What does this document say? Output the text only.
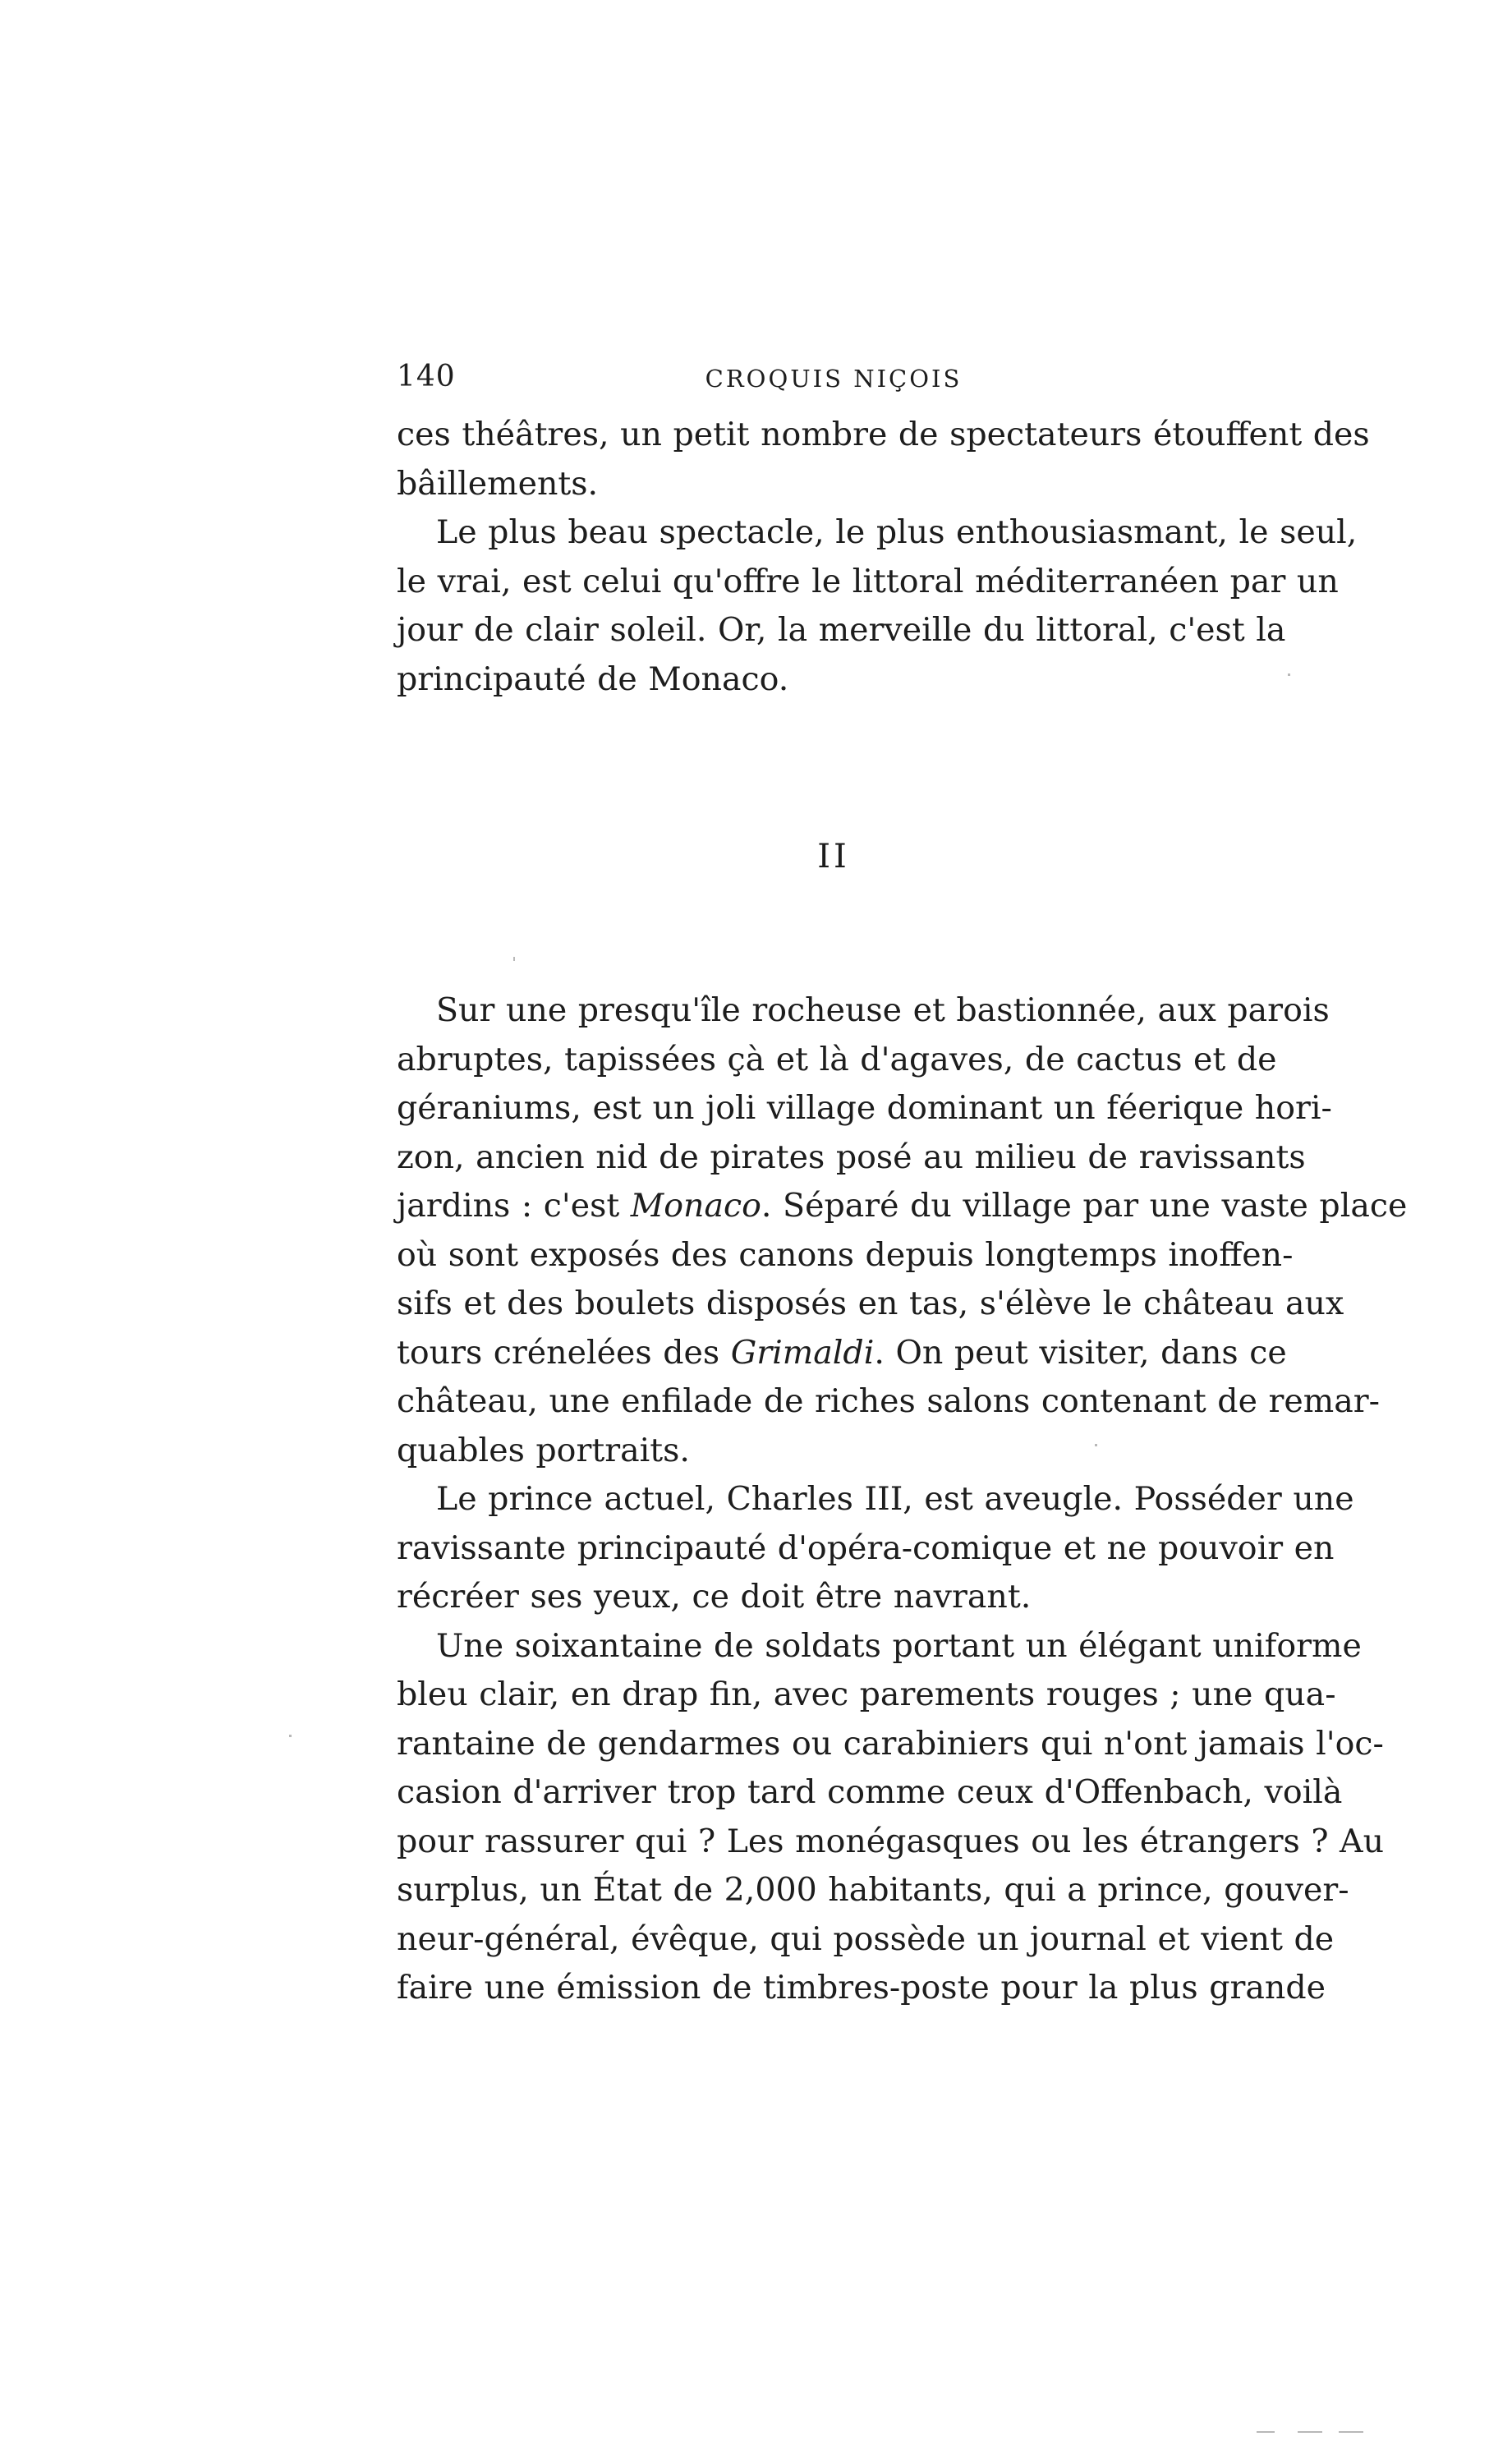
140	CROQUIS NIÇOIS
ces théâtres, un petit nombre de spectateurs étouffent des
bâillements.
Le plus beau spectacle, le plus enthousiasmant, le seul,
le vrai, est celui qu'offre le littoral méditerranéen par un
jour de clair soleil. Or, la merveille du littoral, c'est la
principauté de Monaco.
II
Sur une presqu'île rocheuse et bastionnée, aux parois
abruptes, tapissées çà et là d'agaves, de cactus et de
géraniums, est un joli village dominant un féerique hori-
zon, ancien nid de pirates posé au milieu de ravissants
jardins : c'est Monaco. Séparé du village par une vaste place
où sont exposés des canons depuis longtemps inoffen-
sifs et des boulets disposés en tas, s'élève le château aux
tours crénelées des Grimaldi. On peut visiter, dans ce
château, une enfilade de riches salons contenant de remar-
quables portraits.
Le prince actuel, Charles III, est aveugle. Posséder une
ravissante principauté d'opéra-comique et ne pouvoir en
récréer ses yeux, ce doit être navrant.
Une soixantaine de soldats portant un élégant uniforme
bleu clair, en drap fin, avec parements rouges ; une qua-
rantaine de gendarmes ou carabiniers qui n'ont jamais l'oc-
casion d'arriver trop tard comme ceux d'Offenbach, voilà
pour rassurer qui ? Les monégasques ou les étrangers ? Au
surplus, un État de 2,000 habitants, qui a prince, gouver-
neur-général, évêque, qui possède un journal et vient de
faire une émission de timbres-poste pour la plus grande
